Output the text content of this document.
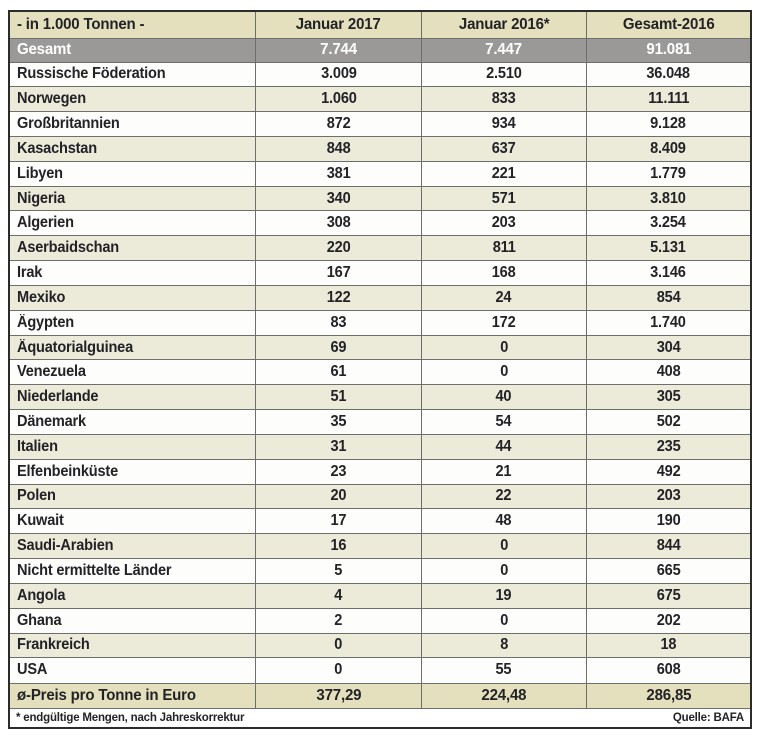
- in 1.000 Tonnen -	Januar 2017	Januar 2016*	Gesamt-2016
Gesamt	7.744	7.447	91.081
Russische Föderation	3.009	2.510	36.048
Norwegen	1.060	833	11.111
Großbritannien	872	934	9.128
Kasachstan	848	637	8.409
Libyen	381	221	1.779
Nigeria	340	571	3.810
Algerien	308	203	3.254
Aserbaidschan	220	811	5.131
Irak	167	168	3.146
Mexiko	122	24	854
Ägypten	83	172	1.740
Äquatorialguinea	69	0	304
Venezuela	61	0	408
Niederlande	51	40	305
Dänemark	35	54	502
Italien	31	44	235
Elfenbeinküste	23	21	492
Polen	20	22	203
Kuwait	17	48	190
Saudi-Arabien	16	0	844
Nicht ermittelte Länder	5	0	665
Angola	4	19	675
Ghana	2	0	202
Frankreich	0	8	18
USA	0	55	608
ø-Preis pro Tonne in Euro	377,29	224,48	286,85

* endgültige Mengen, nach Jahreskorrektur Quelle: BAFA			
